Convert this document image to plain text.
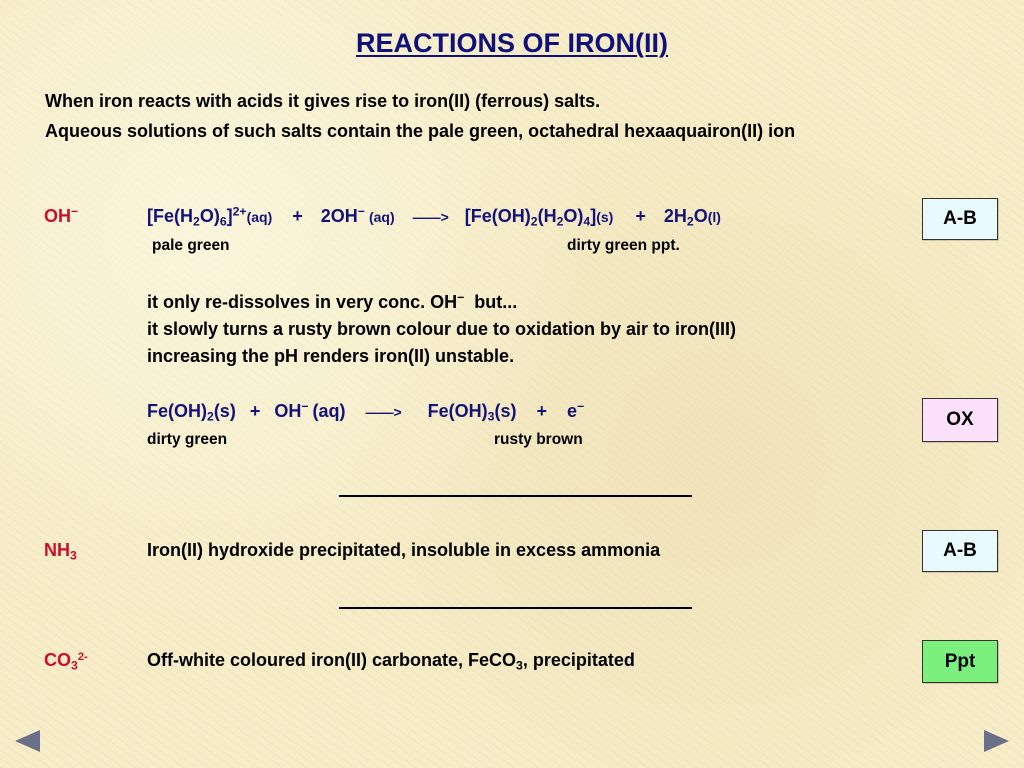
REACTIONS OF IRON(II)
When iron reacts with acids it gives rise to iron(II) (ferrous) salts.
Aqueous solutions of such salts contain the pale green, octahedral hexaaquairon(II) ion
OH−	$[Fe(H_2O)_6]^{2+}(aq) + 2OH^-$ (aq) ——> $[Fe(OH)_2(H_2O)_4](s) + 2H_2O(l)$
pale green	dirty green ppt.
A-B
it only re-dissolves in very conc. OH−  but...
it slowly turns a rusty brown colour due to oxidation by air to iron(III)
increasing the pH renders iron(II) unstable.
$Fe(OH)_2(s) + OH^-$ (aq) ——> $Fe(OH)_3(s) + e^-$
dirty green	rusty brown
OX
$NH_3$	Iron(II) hydroxide precipitated, insoluble in excess ammonia	A-B
$CO_3^{2-}$	Off-white coloured iron(II) carbonate, FeCO$_3$, precipitated	Ppt
